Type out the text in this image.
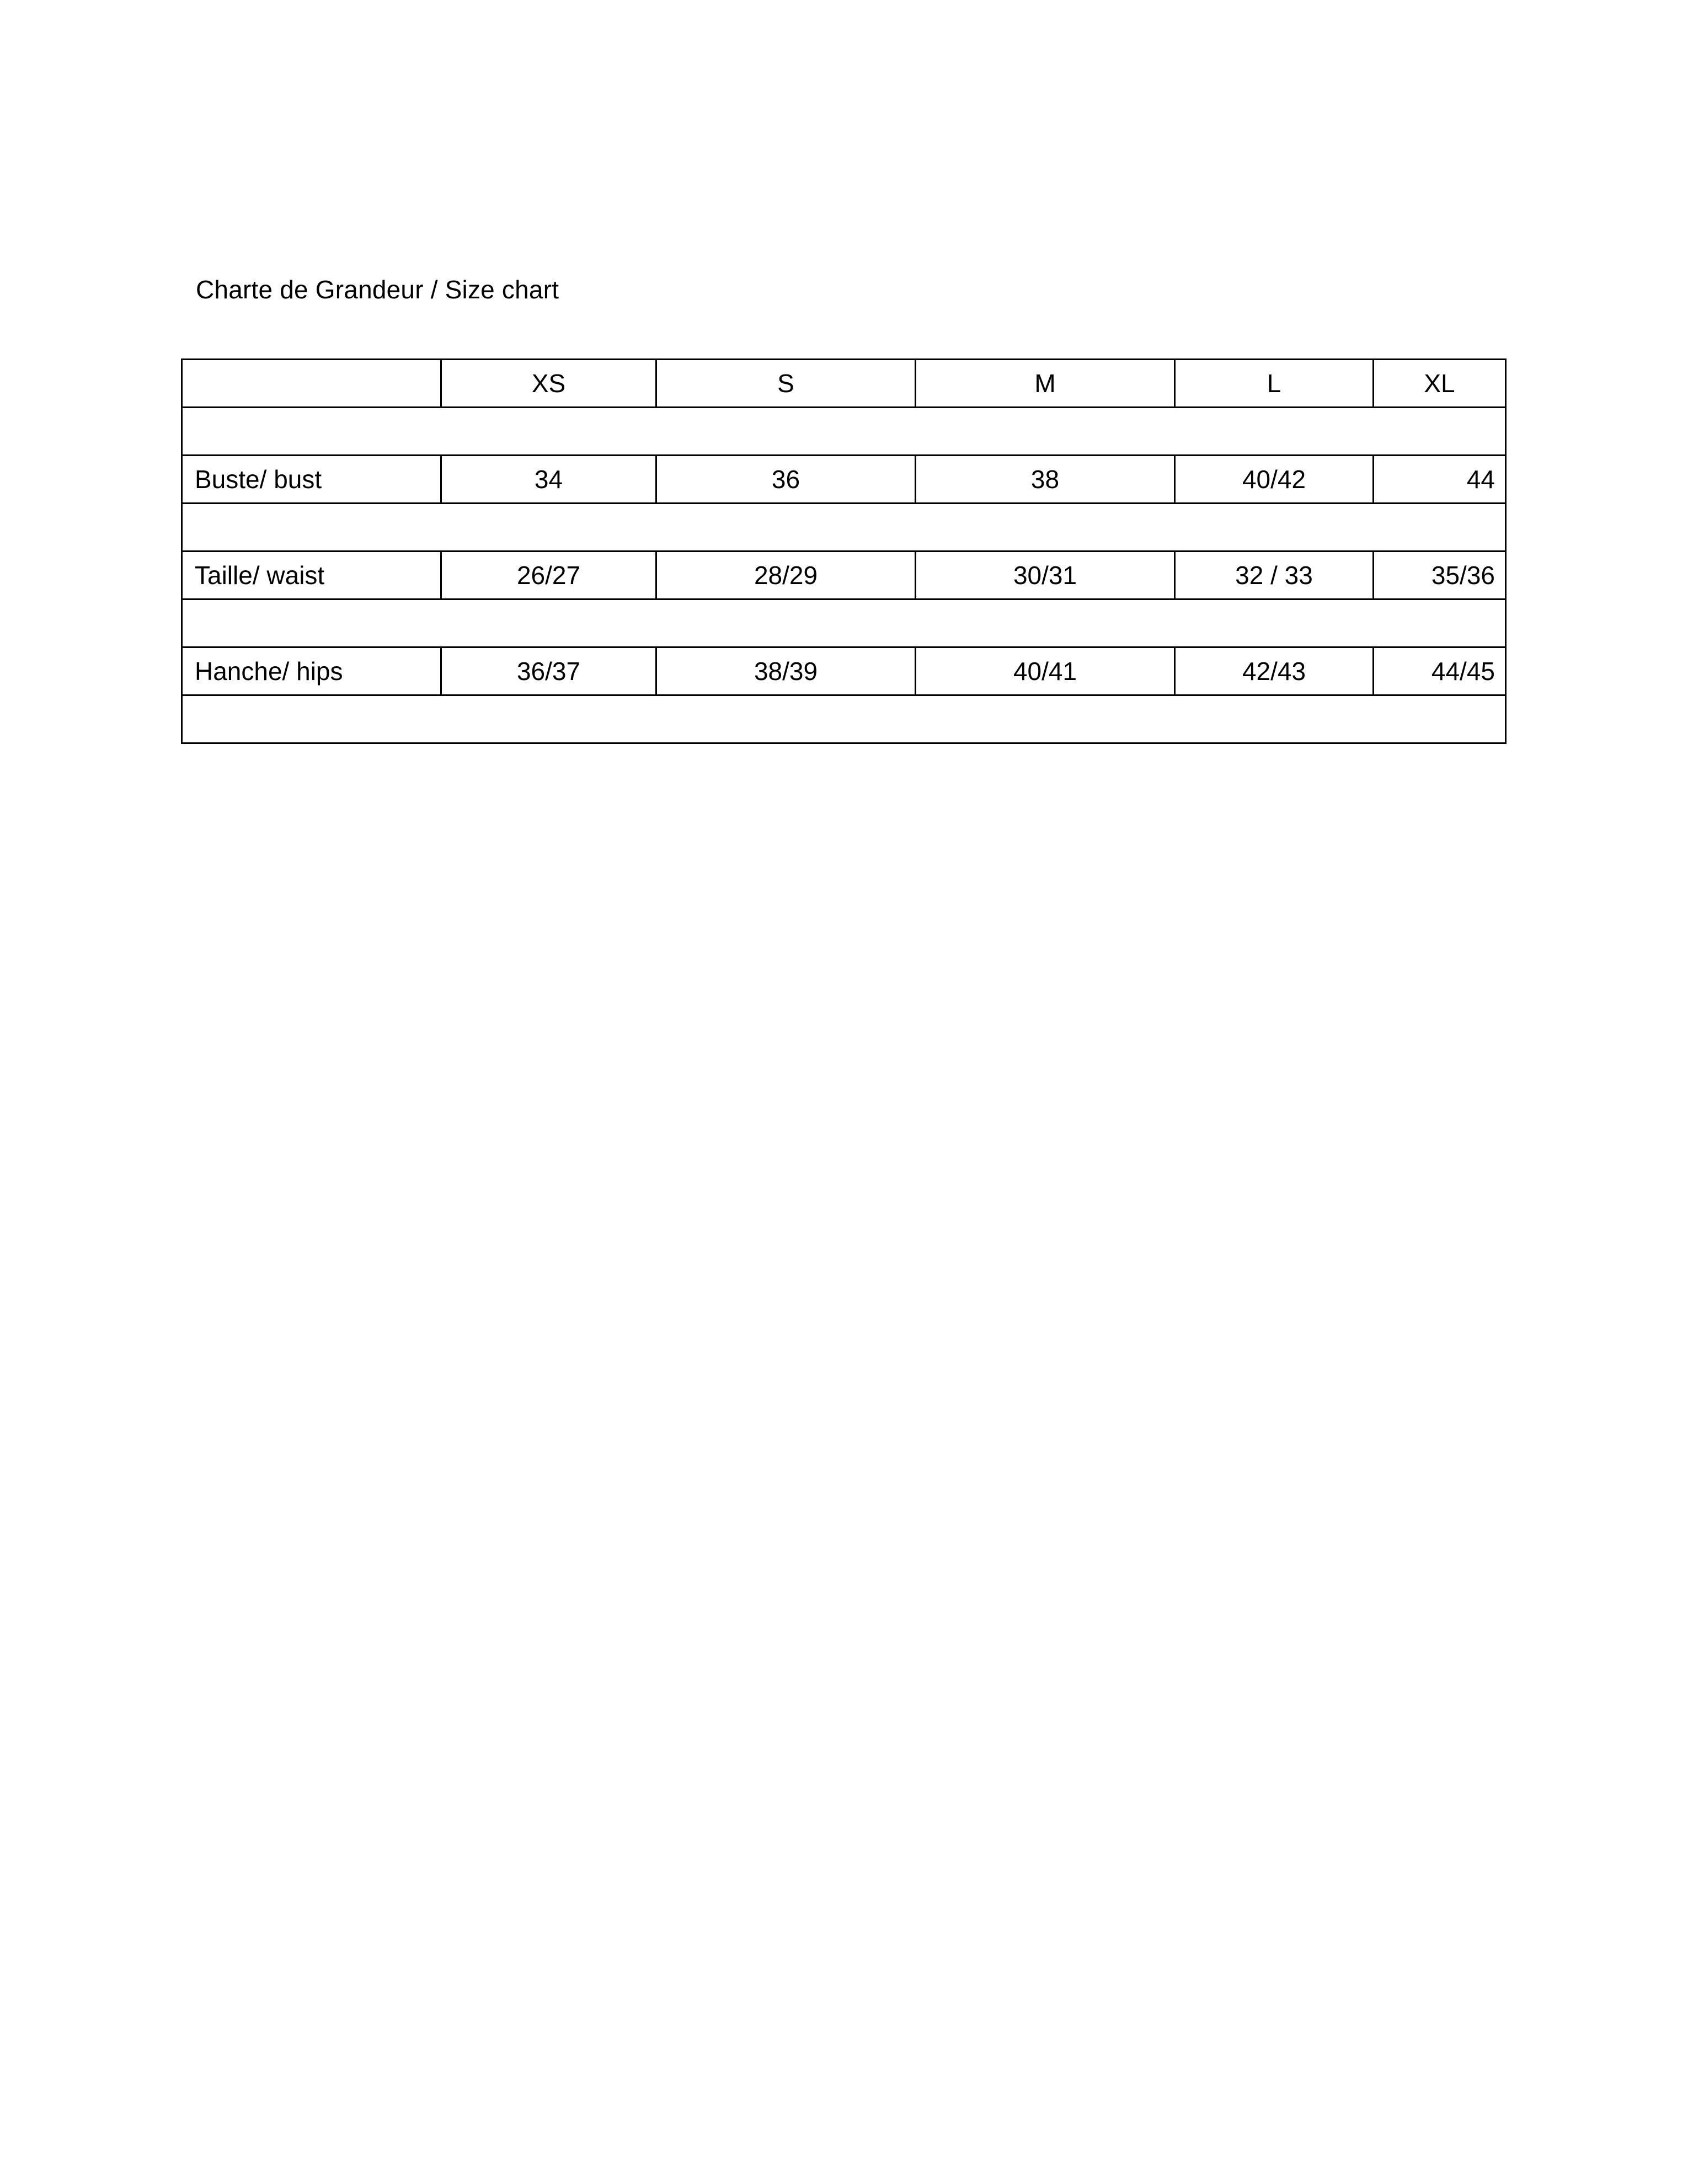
Charte de Grandeur / Size chart

	XS	S	M	L	XL

Buste/ bust	34	36	38	40/42	44

Taille/ waist	26/27	28/29	30/31	32 / 33	35/36

Hanche/ hips	36/37	38/39	40/41	42/43	44/45
